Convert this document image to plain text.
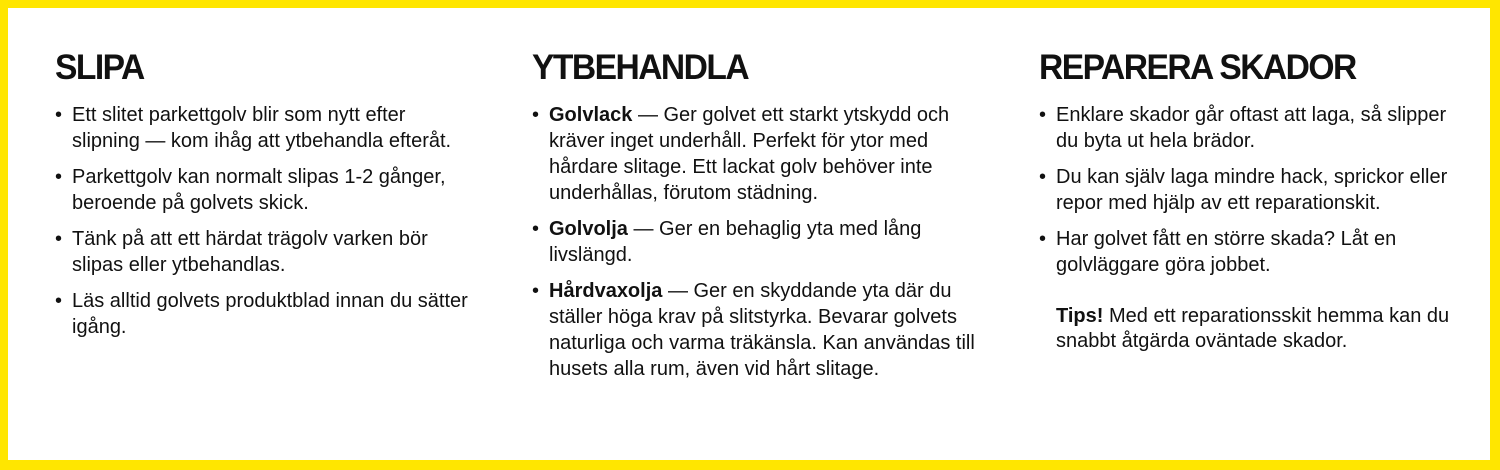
SLIPA
• Ett slitet parkettgolv blir som nytt efter slipning — kom ihåg att ytbehandla efteråt.
• Parkettgolv kan normalt slipas 1-2 gånger, beroende på golvets skick.
• Tänk på att ett härdat trägolv varken bör slipas eller ytbehandlas.
• Läs alltid golvets produktblad innan du sätter igång.
YTBEHANDLA
• Golvlack — Ger golvet ett starkt ytskydd och kräver inget underhåll. Perfekt för ytor med hårdare slitage. Ett lackat golv behöver inte underhållas, förutom städning.
• Golvolja — Ger en behaglig yta med lång livslängd.
• Hårdvaxolja — Ger en skyddande yta där du ställer höga krav på slitstyrka. Bevarar golvets naturliga och varma träkänsla. Kan användas till husets alla rum, även vid hårt slitage.
REPARERA SKADOR
• Enklare skador går oftast att laga, så slipper du byta ut hela brädor.
• Du kan själv laga mindre hack, sprickor eller repor med hjälp av ett reparationskit.
• Har golvet fått en större skada? Låt en golvläggare göra jobbet.

Tips! Med ett reparationsskit hemma kan du snabbt åtgärda oväntade skador.
